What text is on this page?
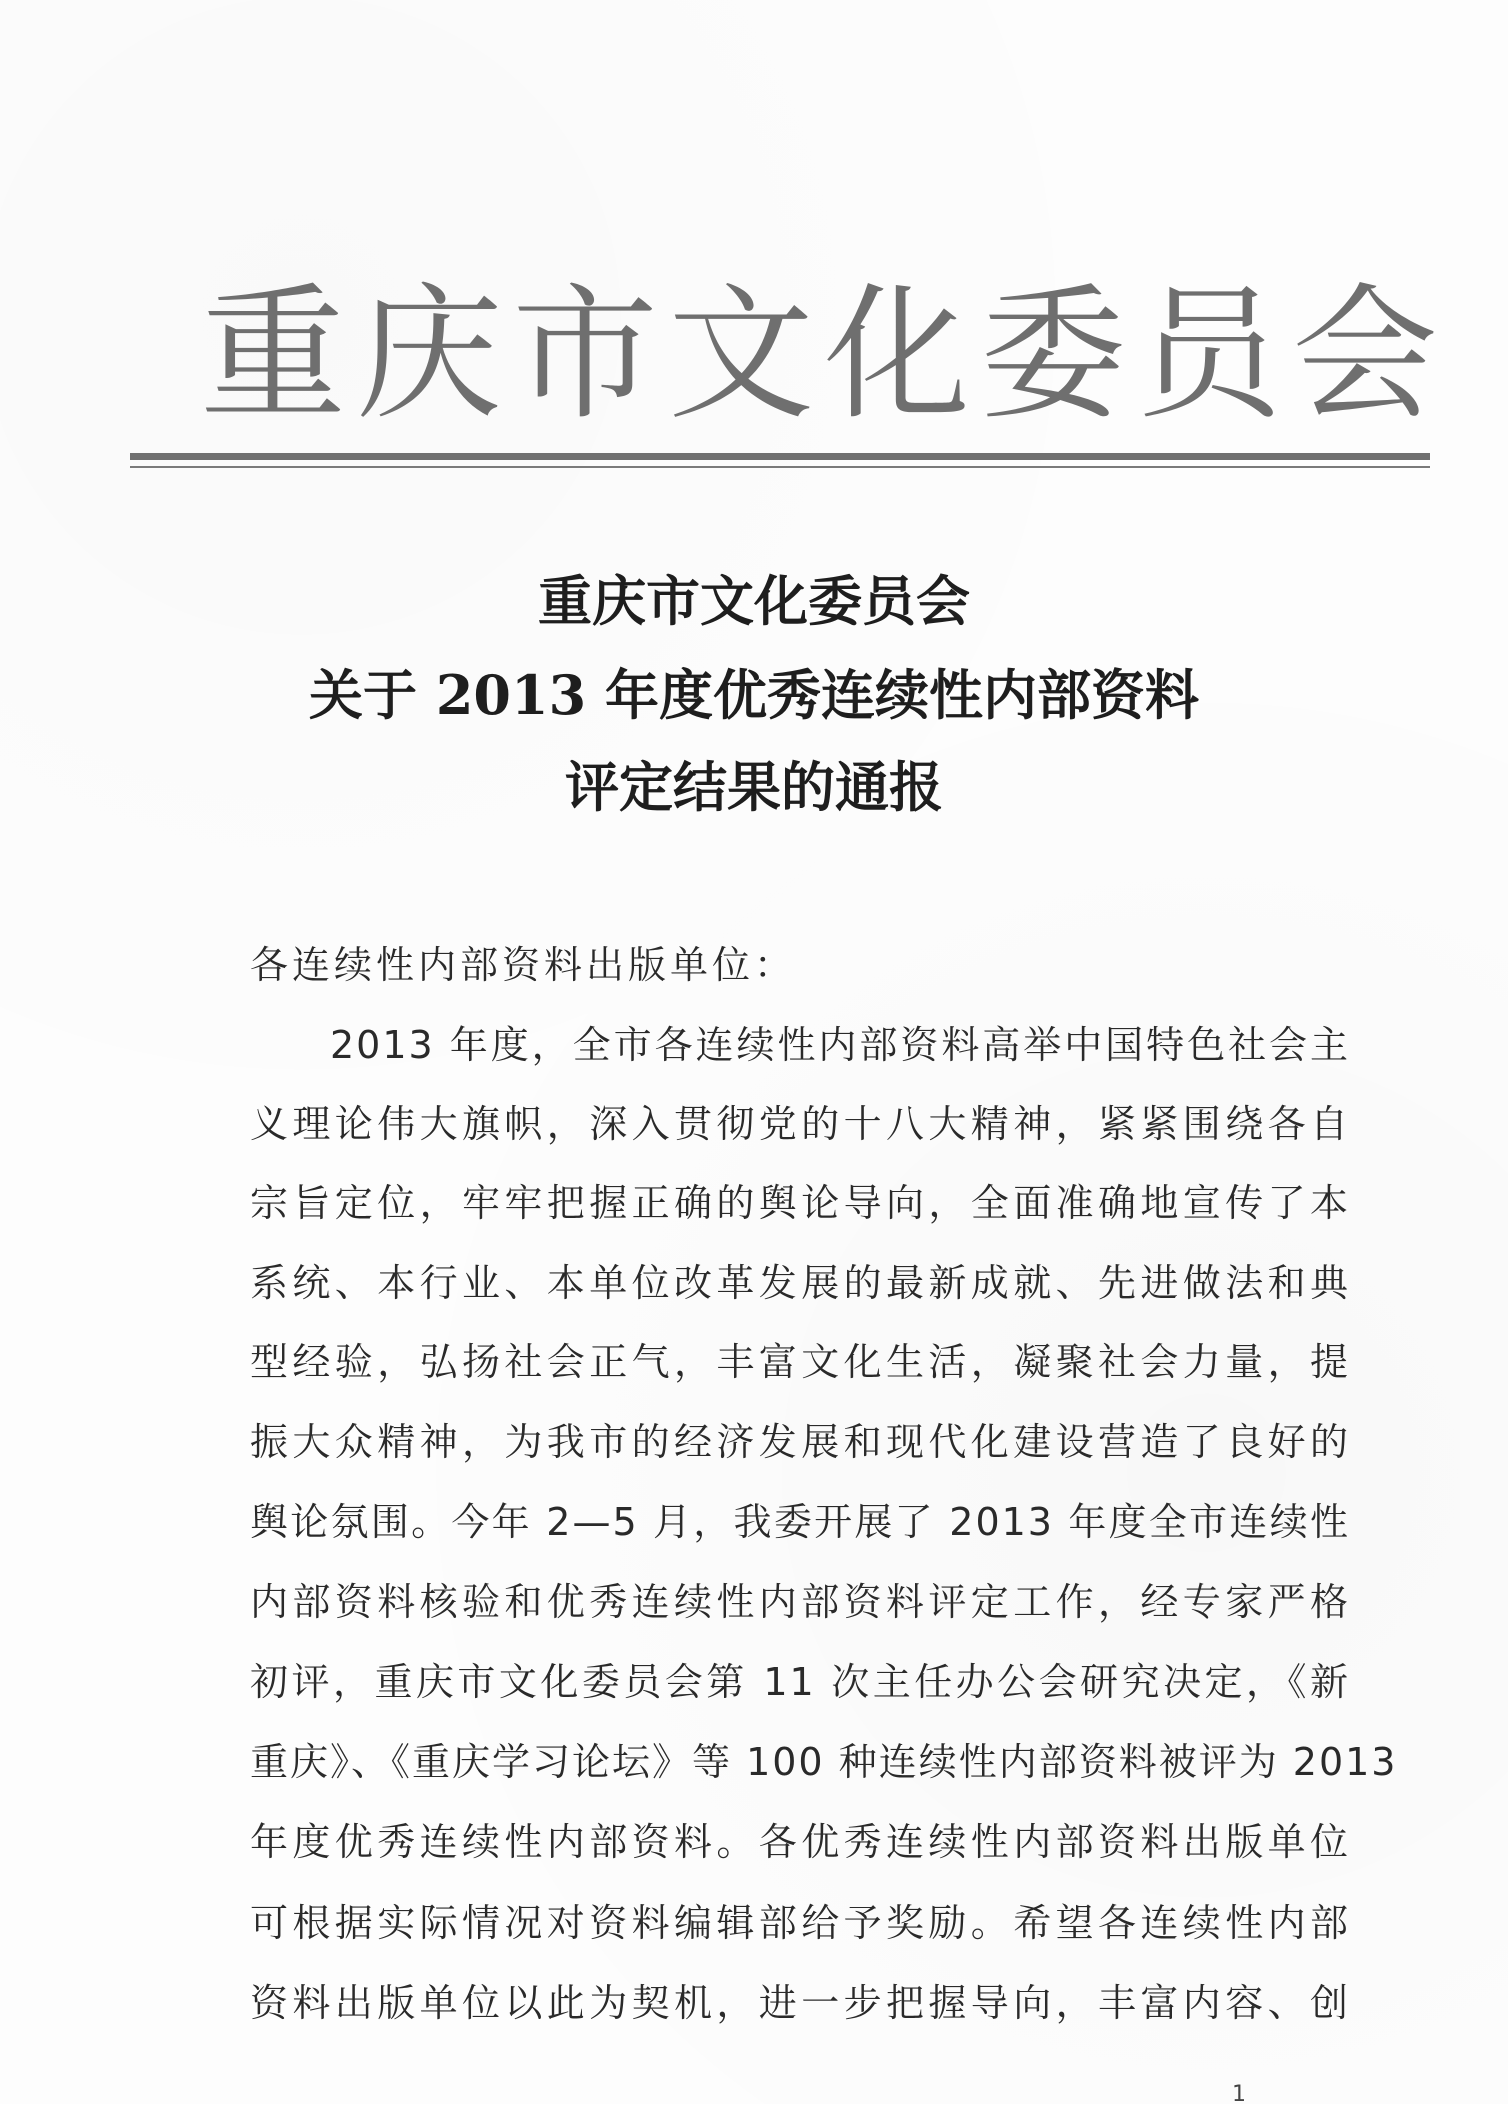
重庆市文化委员会
重庆市文化委员会
关于 2013 年度优秀连续性内部资料
评定结果的通报
各连续性内部资料出版单位：
2013 年度，全市各连续性内部资料高举中国特色社会主
义理论伟大旗帜，深入贯彻党的十八大精神，紧紧围绕各自
宗旨定位，牢牢把握正确的舆论导向，全面准确地宣传了本
系统、本行业、本单位改革发展的最新成就、先进做法和典
型经验，弘扬社会正气，丰富文化生活，凝聚社会力量，提
振大众精神，为我市的经济发展和现代化建设营造了良好的
舆论氛围。今年 2—5 月，我委开展了 2013 年度全市连续性
内部资料核验和优秀连续性内部资料评定工作，经专家严格
初评，重庆市文化委员会第 11 次主任办公会研究决定，《新
重庆》、《重庆学习论坛》等 100 种连续性内部资料被评为 2013
年度优秀连续性内部资料。各优秀连续性内部资料出版单位
可根据实际情况对资料编辑部给予奖励。希望各连续性内部
资料出版单位以此为契机，进一步把握导向，丰富内容、创
1
